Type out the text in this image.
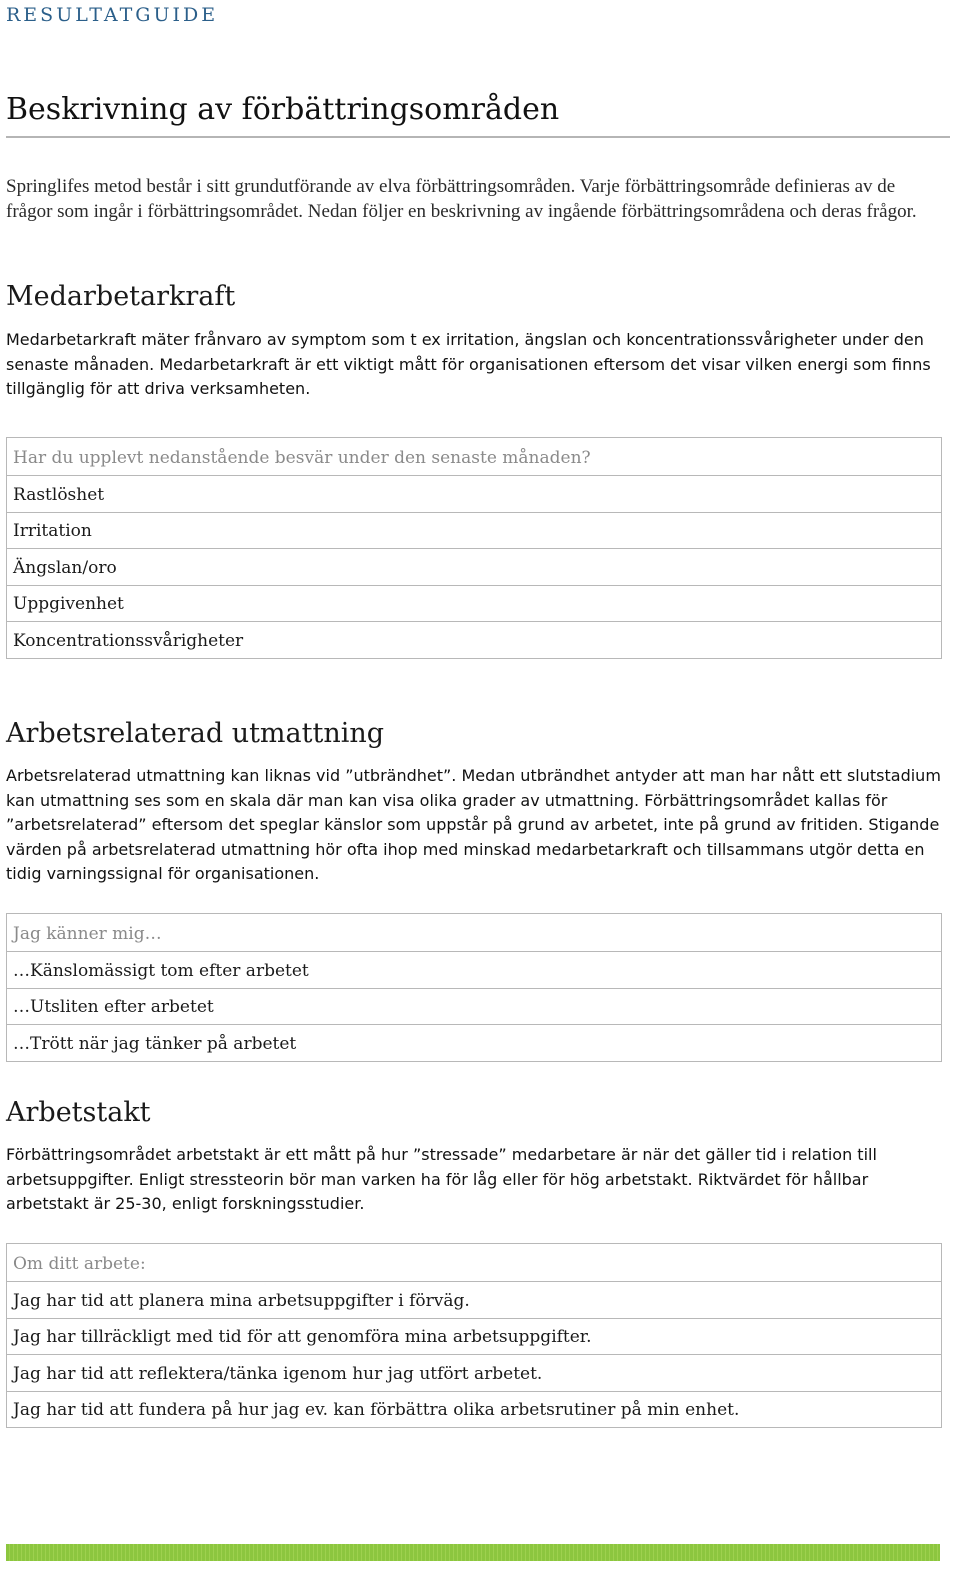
RESULTATGUIDE
Beskrivning av förbättringsområden

Springlifes metod består i sitt grundutförande av elva förbättringsområden. Varje förbättringsområde definieras av de frågor som ingår i förbättringsområdet. Nedan följer en beskrivning av ingående förbättringsområdena och deras frågor.

Medarbetarkraft

Medarbetarkraft mäter frånvaro av symptom som t ex irritation, ängslan och koncentrationssvårigheter under den senaste månaden. Medarbetarkraft är ett viktigt mått för organisationen eftersom det visar vilken energi som finns tillgänglig för att driva verksamheten.

Har du upplevt nedanstående besvär under den senaste månaden?
Rastlöshet
Irritation
Ängslan/oro
Uppgivenhet
Koncentrationssvårigheter
Arbetsrelaterad utmattning

Arbetsrelaterad utmattning kan liknas vid ”utbrändhet”. Medan utbrändhet antyder att man har nått ett slutstadium kan utmattning ses som en skala där man kan visa olika grader av utmattning. Förbättringsområdet kallas för ”arbetsrelaterad” eftersom det speglar känslor som uppstår på grund av arbetet, inte på grund av fritiden. Stigande värden på arbetsrelaterad utmattning hör ofta ihop med minskad medarbetarkraft och tillsammans utgör detta en tidig varningssignal för organisationen.

Jag känner mig…
…Känslomässigt tom efter arbetet
…Utsliten efter arbetet
…Trött när jag tänker på arbetet
Arbetstakt

Förbättringsområdet arbetstakt är ett mått på hur ”stressade” medarbetare är när det gäller tid i relation till arbetsuppgifter. Enligt stressteorin bör man varken ha för låg eller för hög arbetstakt. Riktvärdet för hållbar arbetstakt är 25-30, enligt forskningsstudier.

Om ditt arbete:
Jag har tid att planera mina arbetsuppgifter i förväg.
Jag har tillräckligt med tid för att genomföra mina arbetsuppgifter.
Jag har tid att reflektera/tänka igenom hur jag utfört arbetet.
Jag har tid att fundera på hur jag ev. kan förbättra olika arbetsrutiner på min enhet.
